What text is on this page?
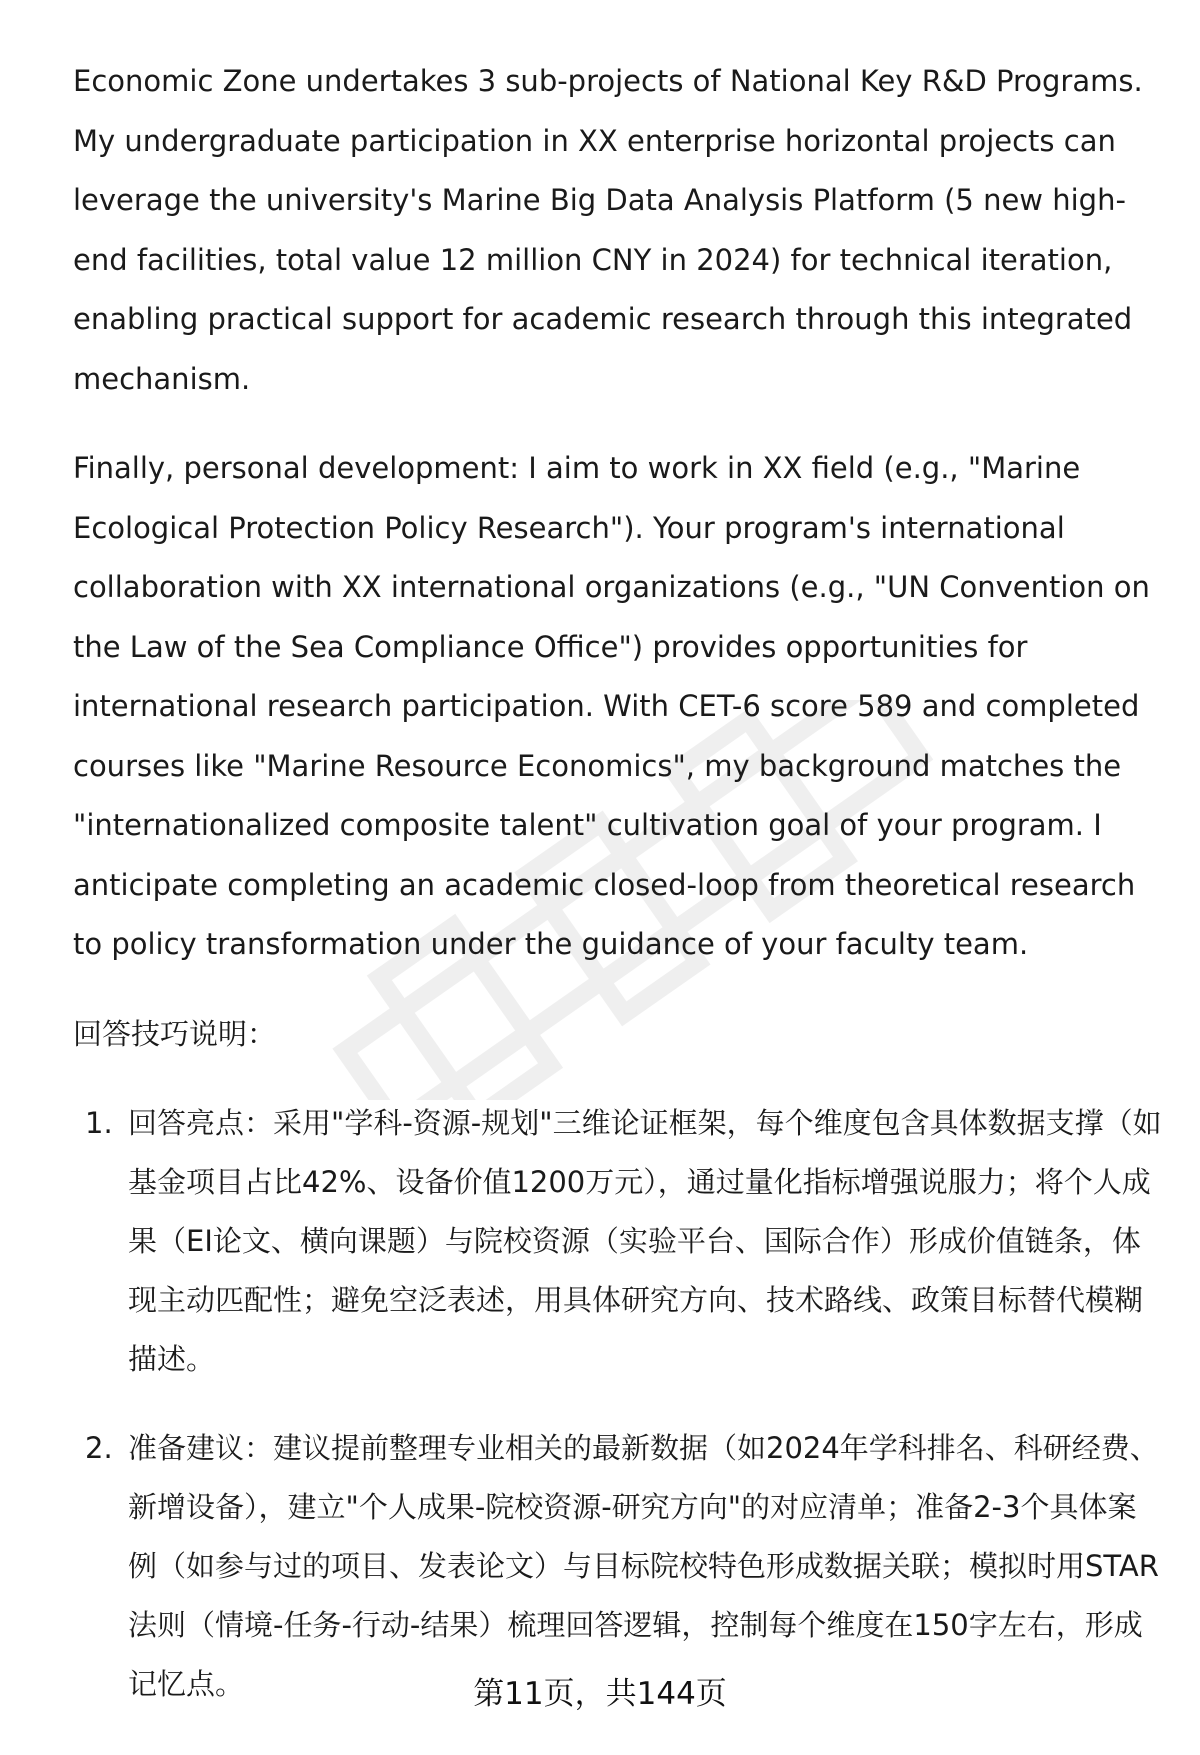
Economic Zone undertakes 3 sub-projects of National Key R&D Programs. My undergraduate participation in XX enterprise horizontal projects can leverage the university's Marine Big Data Analysis Platform (5 new high-end facilities, total value 12 million CNY in 2024) for technical iteration, enabling practical support for academic research through this integrated mechanism.

Finally, personal development: I aim to work in XX field (e.g., "Marine Ecological Protection Policy Research"). Your program's international collaboration with XX international organizations (e.g., "UN Convention on the Law of the Sea Compliance Office") provides opportunities for international research participation. With CET-6 score 589 and completed courses like "Marine Resource Economics", my background matches the "internationalized composite talent" cultivation goal of your program. I anticipate completing an academic closed-loop from theoretical research to policy transformation under the guidance of your faculty team.

回答技巧说明：

1. 回答亮点：采用"学科-资源-规划"三维论证框架，每个维度包含具体数据支撑（如基金项目占比42%、设备价值1200万元），通过量化指标增强说服力；将个人成果（EI论文、横向课题）与院校资源（实验平台、国际合作）形成价值链条，体现主动匹配性；避免空泛表述，用具体研究方向、技术路线、政策目标替代模糊描述。
2. 准备建议：建议提前整理专业相关的最新数据（如2024年学科排名、科研经费、新增设备），建立"个人成果-院校资源-研究方向"的对应清单；准备2-3个具体案例（如参与过的项目、发表论文）与目标院校特色形成数据关联；模拟时用STAR法则（情境-任务-行动-结果）梳理回答逻辑，控制每个维度在150字左右，形成记忆点。	第11页，共144页
